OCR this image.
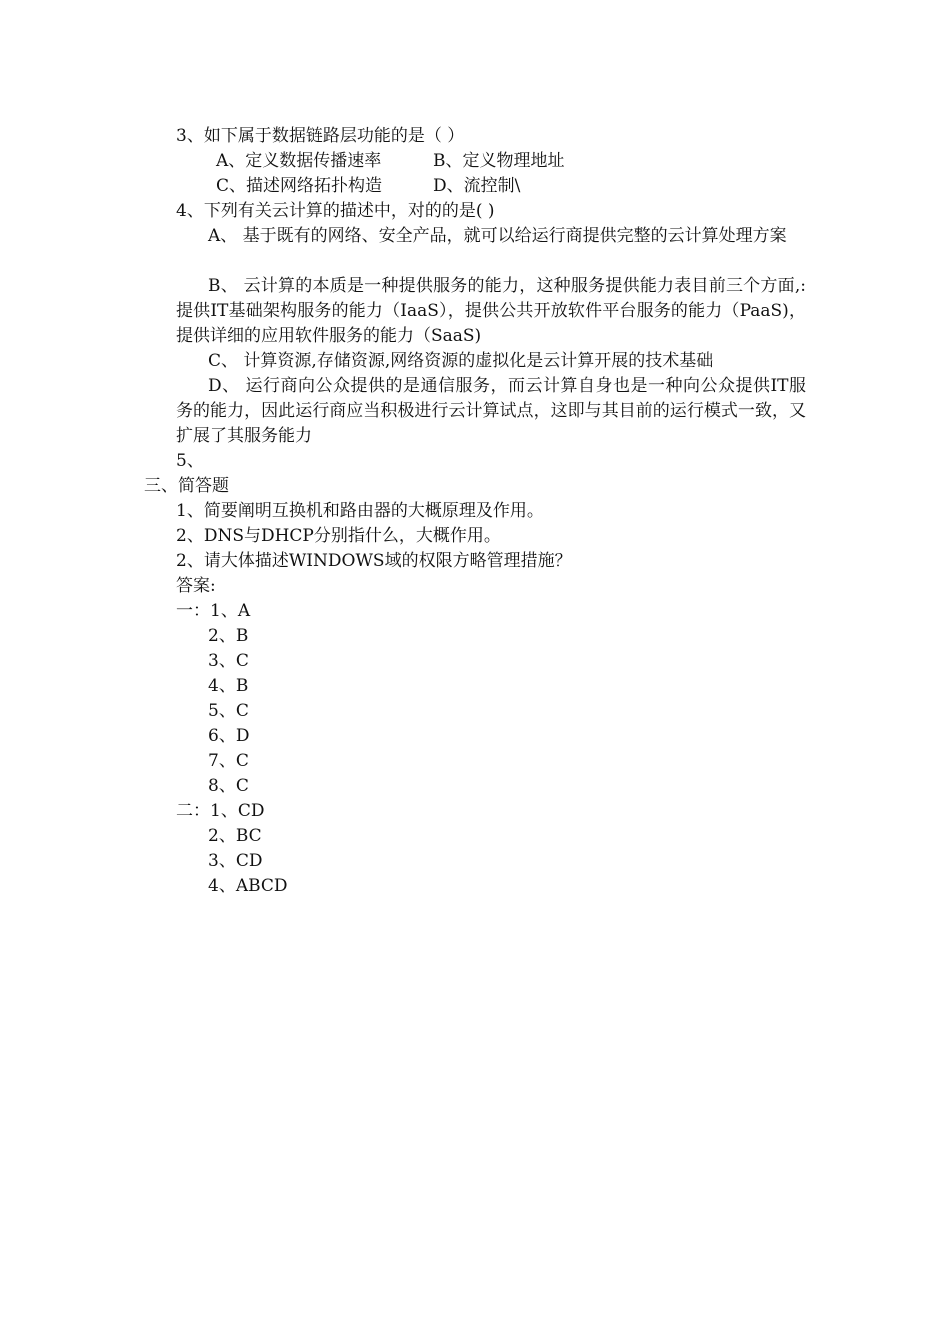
3、如下属于数据链路层功能的是（ ）
A、定义数据传播速率	B、定义物理地址
C、描述网络拓扑构造	D、流控制\
4、下列有关云计算的描述中，对的的是( )
A、 基于既有的网络、安全产品，就可以给运行商提供完整的云计算处理方案
B、 云计算的本质是一种提供服务的能力，这种服务提供能力表目前三个方面,:提供IT基础架构服务的能力（IaaS），提供公共开放软件平台服务的能力（PaaS)，提供详细的应用软件服务的能力（SaaS)
C、 计算资源,存储资源,网络资源的虚拟化是云计算开展的技术基础
D、 运行商向公众提供的是通信服务，而云计算自身也是一种向公众提供IT服务的能力，因此运行商应当积极进行云计算试点，这即与其目前的运行模式一致，又扩展了其服务能力
5、
三、简答题
1、简要阐明互换机和路由器的大概原理及作用。
2、DNS与DHCP分别指什么，大概作用。
2、请大体描述WINDOWS域的权限方略管理措施？
答案:
一：1、A
2、B
3、C
4、B
5、C
6、D
7、C
8、C
二：1、CD
2、BC
3、CD
4、ABCD
